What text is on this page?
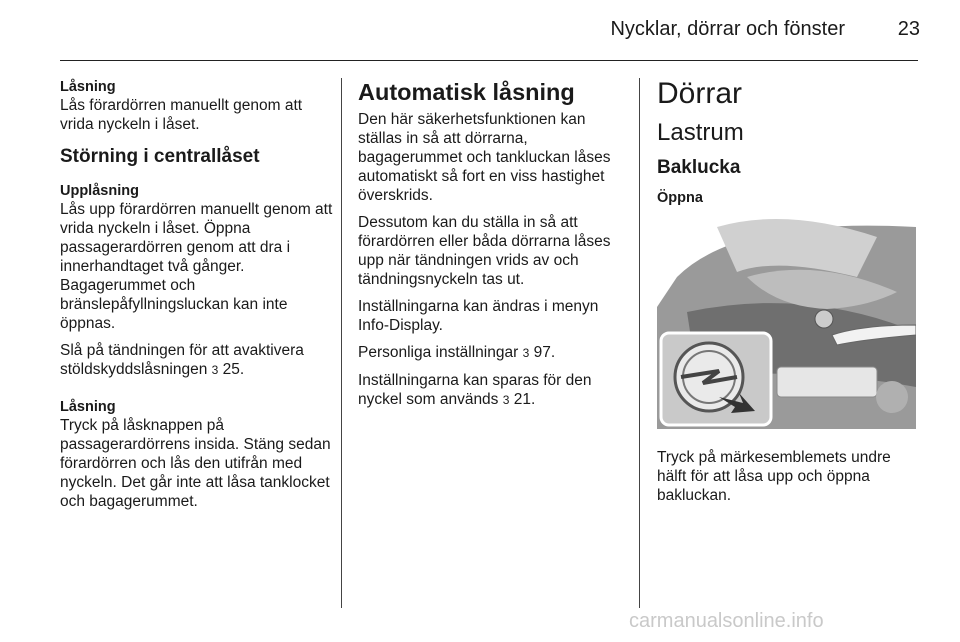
Nycklar, dörrar och fönster	23
Låsning

Lås förardörren manuellt genom att vrida nyckeln i låset.

Störning i centrallåset
Upplåsning

Lås upp förardörren manuellt genom att vrida nyckeln i låset. Öppna passagerardörren genom att dra i innerhandtaget två gånger. Bagagerummet och bränslepåfyllningsluckan kan inte öppnas.

Slå på tändningen för att avaktivera stöldskyddslåsningen 3 25.

Låsning

Tryck på låsknappen på passagerardörrens insida. Stäng sedan förardörren och lås den utifrån med nyckeln. Det går inte att låsa tanklocket och bagagerummet.

Automatisk låsning

Den här säkerhetsfunktionen kan ställas in så att dörrarna, bagagerummet och tankluckan låses automatiskt så fort en viss hastighet överskrids.

Dessutom kan du ställa in så att förardörren eller båda dörrarna låses upp när tändningen vrids av och tändningsnyckeln tas ut.

Inställningarna kan ändras i menyn Info-Display.

Personliga inställningar 3 97.

Inställningarna kan sparas för den nyckel som används 3 21.

Dörrar
Lastrum
Baklucka
Öppna

Tryck på märkesemblemets undre hälft för att låsa upp och öppna bakluckan.

carmanualsonline.info
